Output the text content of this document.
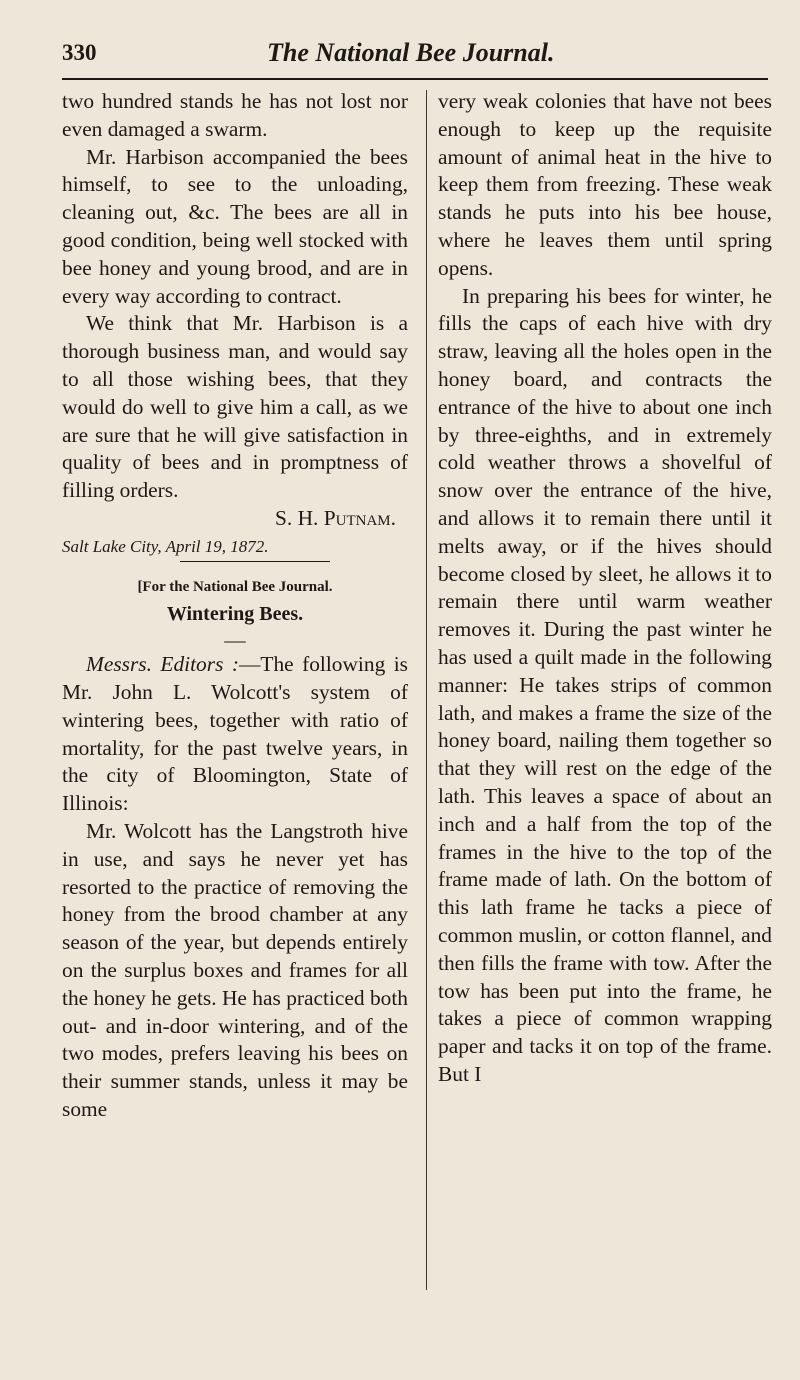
330	The National Bee Journal.

two hundred stands he has not lost nor even damaged a swarm.

Mr. Harbison accompanied the bees himself, to see to the unloading, cleaning out, &c. The bees are all in good condition, being well stocked with bee honey and young brood, and are in every way according to contract.

We think that Mr. Harbison is a thorough business man, and would say to all those wishing bees, that they would do well to give him a call, as we are sure that he will give satisfaction in quality of bees and in promptness of filling orders.

S. H. Putnam.

Salt Lake City, April 19, 1872.

[For the National Bee Journal.

Wintering Bees.

—

Messrs. Editors :—The following is Mr. John L. Wolcott's system of wintering bees, together with ratio of mortality, for the past twelve years, in the city of Bloomington, State of Illinois:

Mr. Wolcott has the Langstroth hive in use, and says he never yet has resorted to the practice of removing the honey from the brood chamber at any season of the year, but depends entirely on the surplus boxes and frames for all the honey he gets. He has practiced both out- and in-door wintering, and of the two modes, prefers leaving his bees on their summer stands, unless it may be some

very weak colonies that have not bees enough to keep up the requisite amount of animal heat in the hive to keep them from freezing. These weak stands he puts into his bee house, where he leaves them until spring opens.

In preparing his bees for winter, he fills the caps of each hive with dry straw, leaving all the holes open in the honey board, and contracts the entrance of the hive to about one inch by three-eighths, and in extremely cold weather throws a shovelful of snow over the entrance of the hive, and allows it to remain there until it melts away, or if the hives should become closed by sleet, he allows it to remain there until warm weather removes it. During the past winter he has used a quilt made in the following manner: He takes strips of common lath, and makes a frame the size of the honey board, nailing them together so that they will rest on the edge of the lath. This leaves a space of about an inch and a half from the top of the frames in the hive to the top of the frame made of lath. On the bottom of this lath frame he tacks a piece of common muslin, or cotton flannel, and then fills the frame with tow. After the tow has been put into the frame, he takes a piece of common wrapping paper and tacks it on top of the frame. But I
